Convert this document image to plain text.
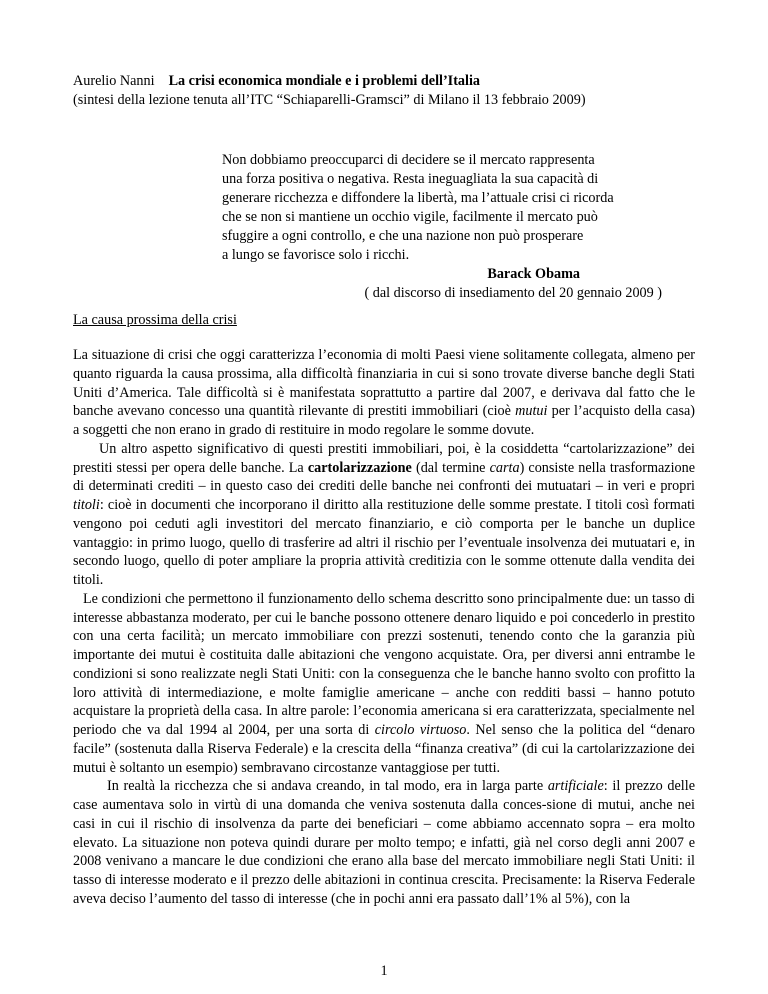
Aurelio Nanni La crisi economica mondiale e i problemi dell’Italia
(sintesi della lezione tenuta all’ITC “Schiaparelli-Gramsci” di Milano il 13 febbraio 2009)
Non dobbiamo preoccuparci di decidere se il mercato rappresenta
una forza positiva o negativa. Resta ineguagliata la sua capacità di
generare ricchezza e diffondere la libertà, ma l’attuale crisi ci ricorda
che se non si mantiene un occhio vigile, facilmente il mercato può
sfuggire a ogni controllo, e che una nazione non può prosperare
a lungo se favorisce solo i ricchi.
Barack Obama
( dal discorso di insediamento del 20 gennaio 2009 )
La causa prossima della crisi

La situazione di crisi che oggi caratterizza l’economia di molti Paesi viene solitamente collegata, almeno per quanto riguarda la causa prossima, alla difficoltà finanziaria in cui si sono trovate diverse banche degli Stati Uniti d’America. Tale difficoltà si è manifestata soprattutto a partire dal 2007, e derivava dal fatto che le banche avevano concesso una quantità rilevante di prestiti immobiliari (cioè mutui per l’acquisto della casa) a soggetti che non erano in grado di restituire in modo regolare le somme dovute.

Un altro aspetto significativo di questi prestiti immobiliari, poi, è la cosiddetta “cartolarizzazione” dei prestiti stessi per opera delle banche. La cartolarizzazione (dal termine carta) consiste nella trasformazione di determinati crediti – in questo caso dei crediti delle banche nei confronti dei mutuatari – in veri e propri titoli: cioè in documenti che incorporano il diritto alla restituzione delle somme prestate. I titoli così formati vengono poi ceduti agli investitori del mercato finanziario, e ciò comporta per le banche un duplice vantaggio: in primo luogo, quello di trasferire ad altri il rischio per l’eventuale insolvenza dei mutuatari e, in secondo luogo, quello di poter ampliare la propria attività creditizia con le somme ottenute dalla vendita dei titoli.

Le condizioni che permettono il funzionamento dello schema descritto sono principalmente due: un tasso di interesse abbastanza moderato, per cui le banche possono ottenere denaro liquido e poi concederlo in prestito con una certa facilità; un mercato immobiliare con prezzi sostenuti, tenendo conto che la garanzia più importante dei mutui è costituita dalle abitazioni che vengono acquistate. Ora, per diversi anni entrambe le condizioni si sono realizzate negli Stati Uniti: con la conseguenza che le banche hanno svolto con profitto la loro attività di intermediazione, e molte famiglie americane – anche con redditi bassi – hanno potuto acquistare la proprietà della casa. In altre parole: l’economia americana si era caratterizzata, specialmente nel periodo che va dal 1994 al 2004, per una sorta di circolo virtuoso. Nel senso che la politica del “denaro facile” (sostenuta dalla Riserva Federale) e la crescita della “finanza creativa” (di cui la cartolarizzazione dei mutui è soltanto un esempio) sembravano circostanze vantaggiose per tutti.

In realtà la ricchezza che si andava creando, in tal modo, era in larga parte artificiale: il prezzo delle case aumentava solo in virtù di una domanda che veniva sostenuta dalla conces-sione di mutui, anche nei casi in cui il rischio di insolvenza da parte dei beneficiari – come abbiamo accennato sopra – era molto elevato. La situazione non poteva quindi durare per molto tempo; e infatti, già nel corso degli anni 2007 e 2008 venivano a mancare le due condizioni che erano alla base del mercato immobiliare negli Stati Uniti: il tasso di interesse moderato e il prezzo delle abitazioni in continua crescita. Precisamente: la Riserva Federale aveva deciso l’aumento del tasso di interesse (che in pochi anni era passato dall’1% al 5%), con la

1
